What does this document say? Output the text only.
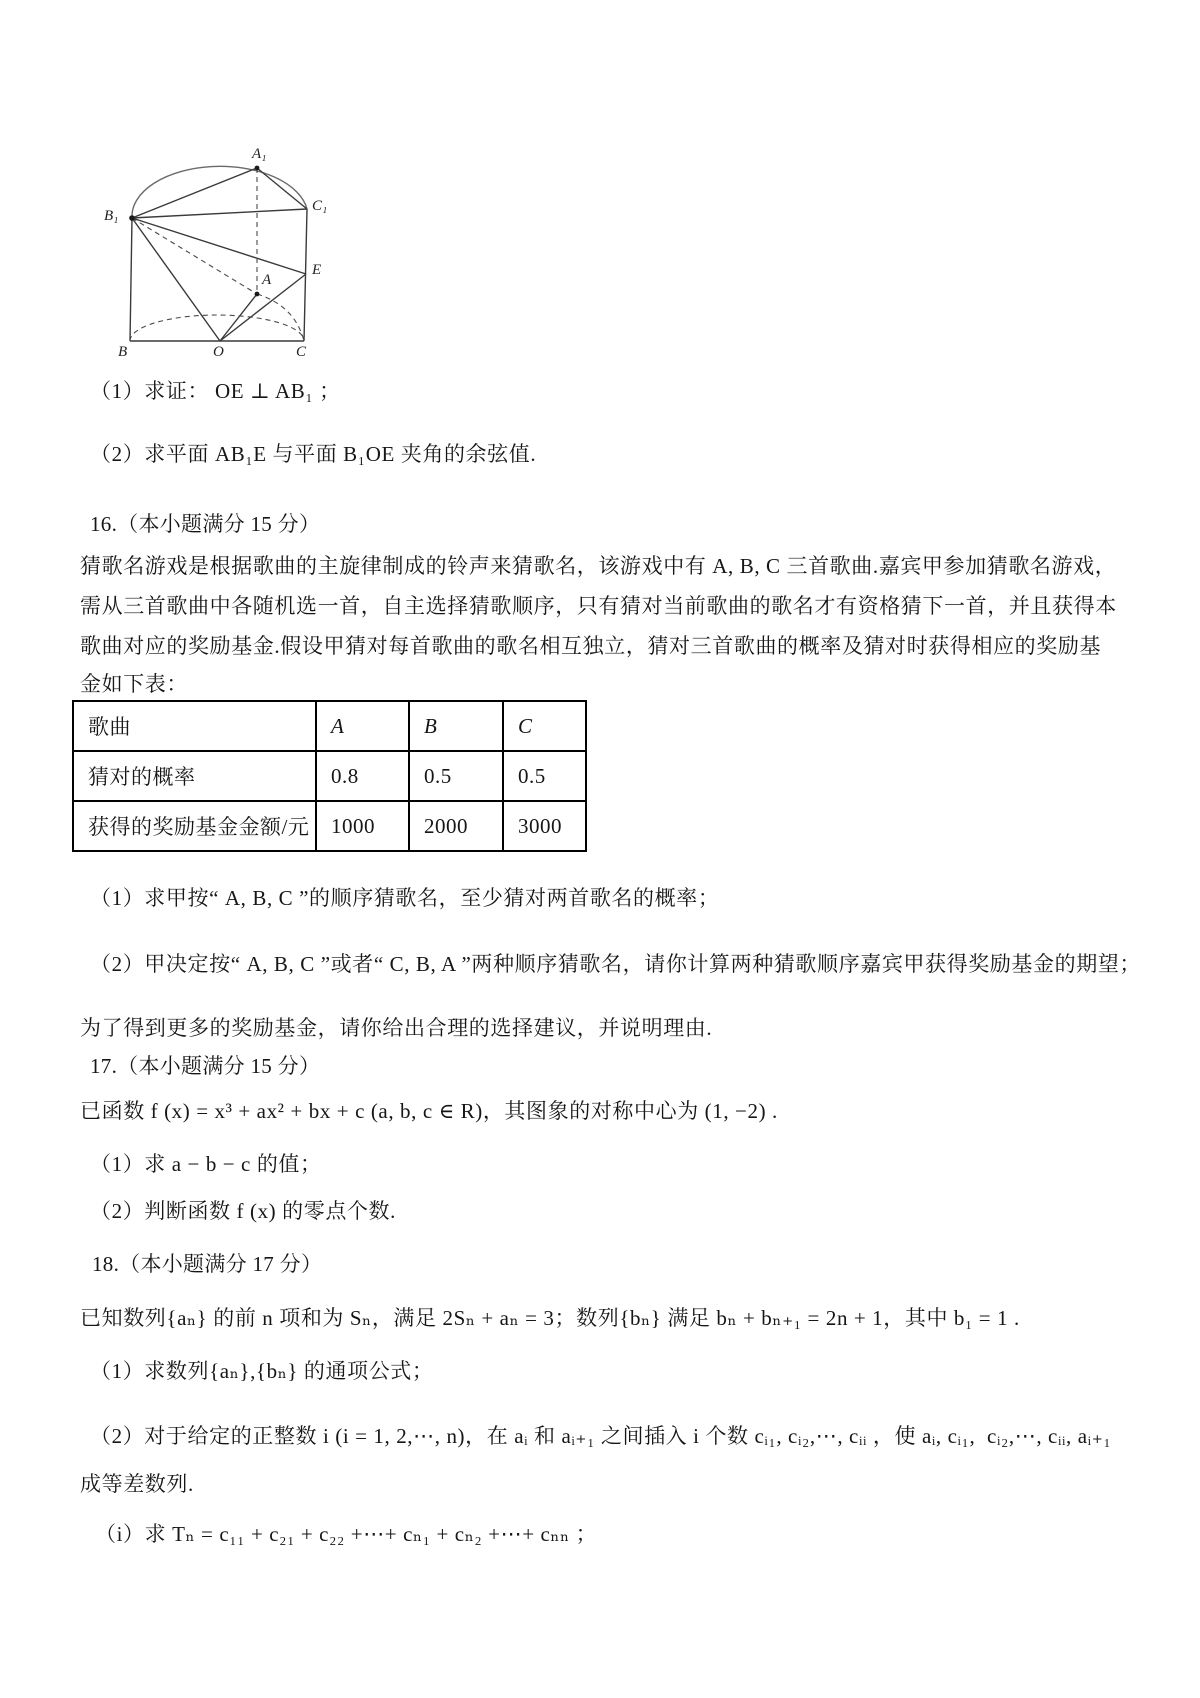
A₁
B₁
C₁
E
A
B	O	C
（1）求证： OE ⊥ AB₁ ；
（2）求平面 AB₁E 与平面 B₁OE 夹角的余弦值.
16.（本小题满分 15 分）
猜歌名游戏是根据歌曲的主旋律制成的铃声来猜歌名，该游戏中有 A, B, C 三首歌曲.嘉宾甲参加猜歌名游戏，
需从三首歌曲中各随机选一首，自主选择猜歌顺序，只有猜对当前歌曲的歌名才有资格猜下一首，并且获得本
歌曲对应的奖励基金.假设甲猜对每首歌曲的歌名相互独立，猜对三首歌曲的概率及猜对时获得相应的奖励基
金如下表：
歌曲	A	B	C
猜对的概率	0.8	0.5	0.5
获得的奖励基金金额/元	1000	2000	3000
（1）求甲按“ A, B, C ”的顺序猜歌名，至少猜对两首歌名的概率；
（2）甲决定按“ A, B, C ”或者“ C, B, A ”两种顺序猜歌名，请你计算两种猜歌顺序嘉宾甲获得奖励基金的期望；
为了得到更多的奖励基金，请你给出合理的选择建议，并说明理由.
17.（本小题满分 15 分）
已函数 f (x) = x³ + ax² + bx + c (a, b, c ∈ R)，其图象的对称中心为 (1, −2) .
（1）求 a − b − c 的值；
（2）判断函数 f (x) 的零点个数.
18.（本小题满分 17 分）
已知数列{aₙ} 的前 n 项和为 Sₙ，满足 2Sₙ + aₙ = 3；数列{bₙ} 满足 bₙ + bₙ₊₁ = 2n + 1，其中 b₁ = 1 .
（1）求数列{aₙ},{bₙ} 的通项公式；
（2）对于给定的正整数 i (i = 1, 2,⋯, n)，在 aᵢ 和 aᵢ₊₁ 之间插入 i 个数 cᵢ₁, cᵢ₂,⋯, cᵢᵢ ，使 aᵢ, cᵢ₁,  cᵢ₂,⋯, cᵢᵢ, aᵢ₊₁
成等差数列.
（i）求 Tₙ = c₁₁ + c₂₁ + c₂₂ +⋯+ cₙ₁ + cₙ₂ +⋯+ cₙₙ ；
